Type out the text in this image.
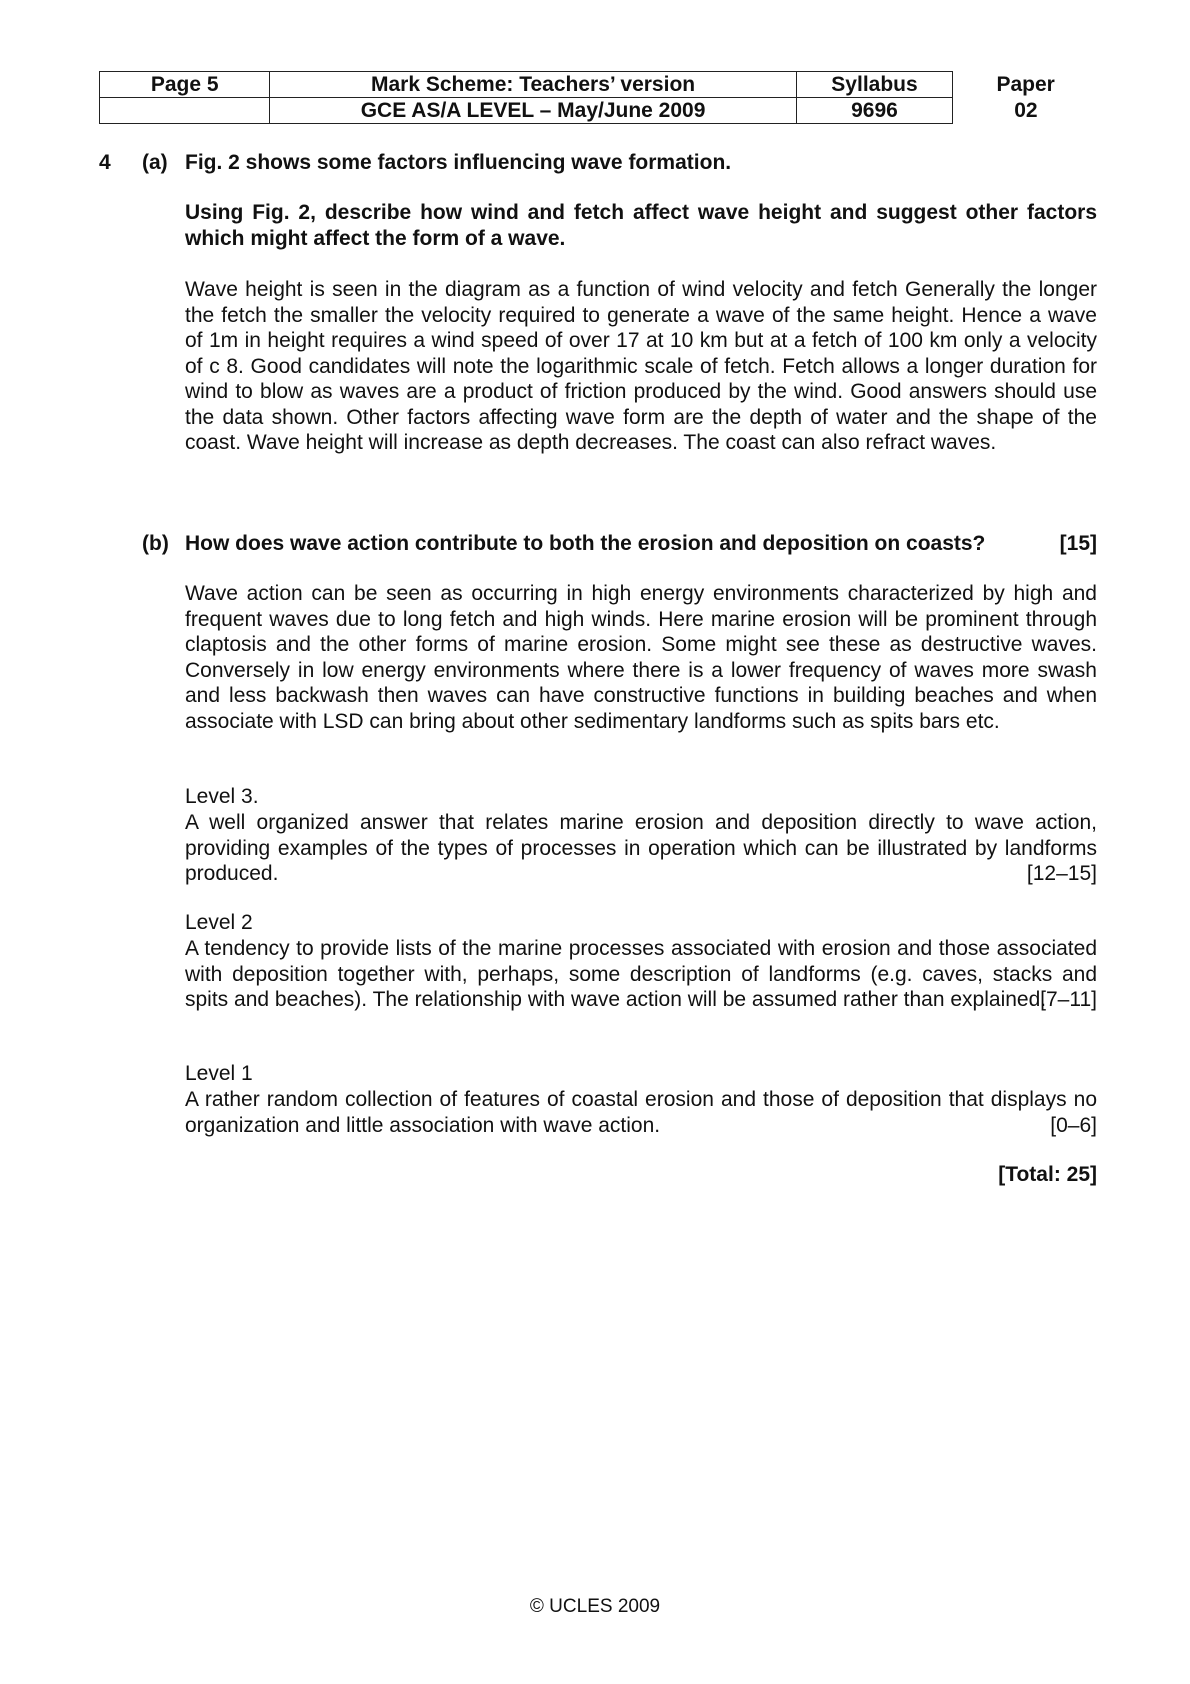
Page 5	Mark Scheme: Teachers’ version	Syllabus	Paper
	GCE AS/A LEVEL – May/June 2009	9696	02
4 (a) Fig. 2 shows some factors influencing wave formation.
Using Fig. 2, describe how wind and fetch affect wave height and suggest other factors which might affect the form of a wave.
Wave height is seen in the diagram as a function of wind velocity and fetch Generally the longer the fetch the smaller the velocity required to generate a wave of the same height. Hence a wave of 1m in height requires a wind speed of over 17 at 10 km but at a fetch of 100 km only a velocity of c 8. Good candidates will note the logarithmic scale of fetch. Fetch allows a longer duration for wind to blow as waves are a product of friction produced by the wind. Good answers should use the data shown. Other factors affecting wave form are the depth of water and the shape of the coast. Wave height will increase as depth decreases. The coast can also refract waves.
(b) How does wave action contribute to both the erosion and deposition on coasts?	[15]
Wave action can be seen as occurring in high energy environments characterized by high and frequent waves due to long fetch and high winds. Here marine erosion will be prominent through claptosis and the other forms of marine erosion. Some might see these as destructive waves. Conversely in low energy environments where there is a lower frequency of waves more swash and less backwash then waves can have constructive functions in building beaches and when associate with LSD can bring about other sedimentary landforms such as spits bars etc.
Level 3.
A well organized answer that relates marine erosion and deposition directly to wave action, providing examples of the types of processes in operation which can be illustrated by landforms produced.	[12–15]
Level 2
A tendency to provide lists of the marine processes associated with erosion and those associated with deposition together with, perhaps, some description of landforms (e.g. caves, stacks and spits and beaches). The relationship with wave action will be assumed rather than explained.
[7–11]
Level 1
A rather random collection of features of coastal erosion and those of deposition that displays no organization and little association with wave action.	[0–6]
[Total: 25]
© UCLES 2009
